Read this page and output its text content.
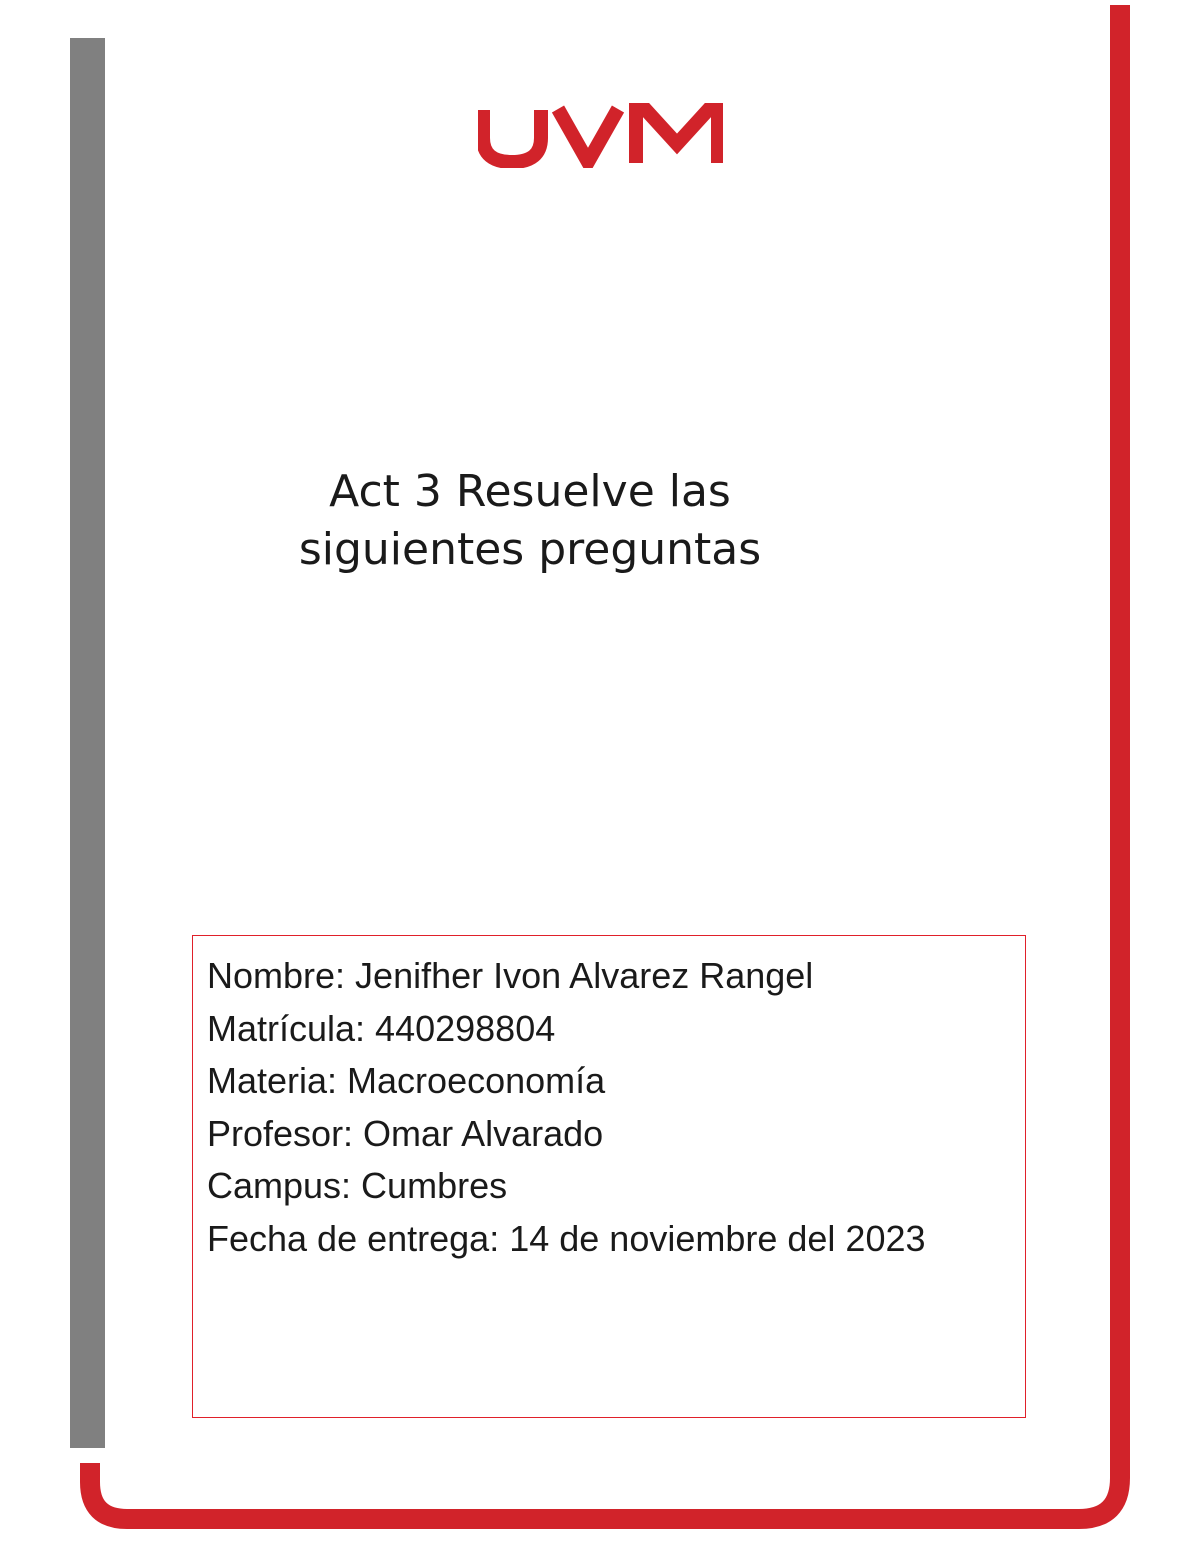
Act 3 Resuelve las
siguientes preguntas
Nombre: Jenifher Ivon Alvarez Rangel
Matrícula: 440298804
Materia: Macroeconomía
Profesor: Omar Alvarado
Campus: Cumbres
Fecha de entrega: 14 de noviembre del 2023
